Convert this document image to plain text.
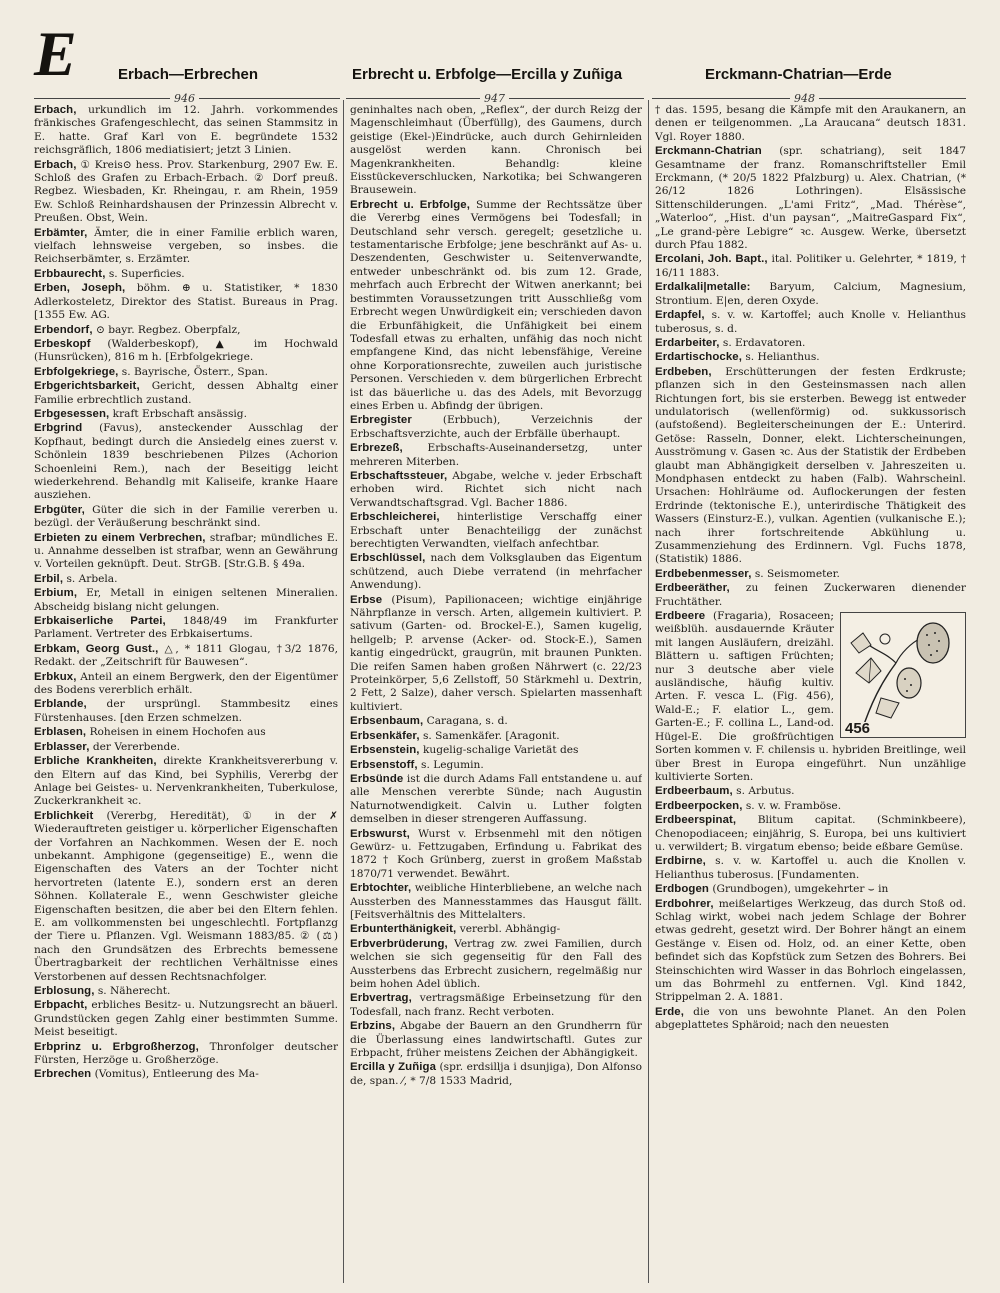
E	Erbach—Erbrechen	Erbrecht u. Erbfolge—Ercilla y Zuñiga	Erckmann-Chatrian—Erde
946	947	948

Erbach, urkundlich im 12. Jahrh. vorkommendes fränkisches Grafengeschlecht, das seinen Stammsitz in E. hatte. Graf Karl von E. begründete 1532 reichsgräflich, 1806 mediatisiert; jetzt 3 Linien.

Erbach, ① Kreis⊙ hess. Prov. Starkenburg, 2907 Ew. E. Schloß des Grafen zu Erbach-Erbach. ② Dorf preuß. Regbez. Wiesbaden, Kr. Rheingau, r. am Rhein, 1959 Ew. Schloß Reinhardshausen der Prinzessin Albrecht v. Preußen. Obst, Wein.

Erbämter, Ämter, die in einer Familie erblich waren, vielfach lehnsweise vergeben, so insbes. die Reichserbämter, s. Erzämter.

Erbbaurecht, s. Superficies.

Erben, Joseph, böhm. ⊕ u. Statistiker, * 1830 Adlerkosteletz, Direktor des Statist. Bureaus in Prag. [1355 Ew. AG.

Erbendorf, ⊙ bayr. Regbez. Oberpfalz,

Erbeskopf (Walderbeskopf), ▲ im Hochwald (Hunsrücken), 816 m h. [Erbfolgekriege.

Erbfolgekriege, s. Bayrische, Österr., Span.

Erbgerichtsbarkeit, Gericht, dessen Abhaltg einer Familie erbrechtlich zustand.

Erbgesessen, kraft Erbschaft ansässig.

Erbgrind (Favus), ansteckender Ausschlag der Kopfhaut, bedingt durch die Ansiedelg eines zuerst v. Schönlein 1839 beschriebenen Pilzes (Achorion Schoenleini Rem.), nach der Beseitigg leicht wiederkehrend. Behandlg mit Kaliseife, kranke Haare ausziehen.

Erbgüter, Güter die sich in der Familie vererben u. bezügl. der Veräußerung beschränkt sind.

Erbieten zu einem Verbrechen, strafbar; mündliches E. u. Annahme desselben ist strafbar, wenn an Gewährung v. Vorteilen geknüpft. Deut. StrGB. [Str.G.B. § 49a.

Erbil, s. Arbela.

Erbium, Er, Metall in einigen seltenen Mineralien. Abscheidg bislang nicht gelungen.

Erbkaiserliche Partei, 1848/49 im Frankfurter Parlament. Vertreter des Erbkaisertums.

Erbkam, Georg Gust., △, * 1811 Glogau, †3/2 1876, Redakt. der „Zeitschrift für Bauwesen“.

Erbkux, Anteil an einem Bergwerk, den der Eigentümer des Bodens vererblich erhält.

Erblande, der ursprüngl. Stammbesitz eines Fürstenhauses. [den Erzen schmelzen.

Erblasen, Roheisen in einem Hochofen aus

Erblasser, der Vererbende.

Erbliche Krankheiten, direkte Krankheitsvererbung v. den Eltern auf das Kind, bei Syphilis, Vererbg der Anlage bei Geistes- u. Nervenkrankheiten, Tuberkulose, Zuckerkrankheit ꝛc.

Erblichkeit (Vererbg, Heredität), ① in der ✗ Wiederauftreten geistiger u. körperlicher Eigenschaften der Vorfahren an Nachkommen. Wesen der E. noch unbekannt. Amphigone (gegenseitige) E., wenn die Eigenschaften des Vaters an der Tochter nicht hervortreten (latente E.), sondern erst an deren Söhnen. Kollaterale E., wenn Geschwister gleiche Eigenschaften besitzen, die aber bei den Eltern fehlen. E. am vollkommensten bei ungeschlechtl. Fortpflanzg der Tiere u. Pflanzen. Vgl. Weismann 1883/85. ② (⚖) nach den Grundsätzen des Erbrechts bemessene Übertragbarkeit der rechtlichen Verhältnisse eines Verstorbenen auf dessen Rechtsnachfolger.

Erblosung, s. Näherecht.

Erbpacht, erbliches Besitz- u. Nutzungsrecht an bäuerl. Grundstücken gegen Zahlg einer bestimmten Summe. Meist beseitigt.

Erbprinz u. Erbgroßherzog, Thronfolger deutscher Fürsten, Herzöge u. Großherzöge.

Erbrechen (Vomitus), Entleerung des Ma-

geninhaltes nach oben, „Reflex“, der durch Reizg der Magenschleimhaut (Überfüllg), des Gaumens, durch geistige (Ekel-)Eindrücke, auch durch Gehirnleiden ausgelöst werden kann. Chronisch bei Magenkrankheiten. Behandlg: kleine Eisstückeverschlucken, Narkotika; bei Schwangeren Brausewein.

Erbrecht u. Erbfolge, Summe der Rechtssätze über die Vererbg eines Vermögens bei Todesfall; in Deutschland sehr versch. geregelt; gesetzliche u. testamentarische Erbfolge; jene beschränkt auf As- u. Deszendenten, Geschwister u. Seitenverwandte, entweder unbeschränkt od. bis zum 12. Grade, mehrfach auch Erbrecht der Witwen anerkannt; bei bestimmten Voraussetzungen tritt Ausschließg vom Erbrecht wegen Unwürdigkeit ein; verschieden davon die Erbunfähigkeit, die Unfähigkeit bei einem Todesfall etwas zu erhalten, unfähig das noch nicht empfangene Kind, das nicht lebensfähige, Vereine ohne Korporationsrechte, zuweilen auch juristische Personen. Verschieden v. dem bürgerlichen Erbrecht ist das bäuerliche u. das des Adels, mit Bevorzugg eines Erben u. Abfindg der übrigen.

Erbregister	(Erbbuch), Verzeichnis der Erbschaftsverzichte, auch der Erbfälle überhaupt.

Erbrezeß, Erbschafts-Auseinandersetzg, unter mehreren Miterben.

Erbschaftssteuer, Abgabe, welche v. jeder Erbschaft erhoben wird. Richtet sich nicht nach Verwandtschaftsgrad. Vgl. Bacher 1886.

Erbschleicherei, hinterlistige Verschaffg einer Erbschaft unter Benachteiligg der zunächst berechtigten Verwandten, vielfach anfechtbar.

Erbschlüssel, nach dem Volksglauben das Eigentum schützend, auch Diebe verratend (in mehrfacher Anwendung).

Erbse (Pisum), Papilionaceen; wichtige einjährige Nährpflanze in versch. Arten, allgemein kultiviert. P. sativum (Garten- od. Brockel-E.), Samen kugelig, hellgelb; P. arvense (Acker- od. Stock-E.), Samen kantig eingedrückt, graugrün, mit braunen Punkten. Die reifen Samen haben großen Nährwert (c. 22/23 Proteinkörper, 5,6 Zellstoff, 50 Stärkmehl u. Dextrin, 2 Fett, 2 Salze), daher versch. Spielarten massenhaft kultiviert.

Erbsenbaum, Caragana, s. d.

Erbsenkäfer, s. Samenkäfer. [Aragonit.

Erbsenstein, kugelig-schalige Varietät des

Erbsenstoff, s. Legumin.

Erbsünde ist die durch Adams Fall entstandene u. auf alle Menschen vererbte Sünde; nach Augustin Naturnotwendigkeit. Calvin u. Luther folgten demselben in dieser strengeren Auffassung.

Erbswurst, Wurst v. Erbsenmehl mit den nötigen Gewürz- u. Fettzugaben, Erfindung u. Fabrikat des 1872 † Koch Grünberg, zuerst in großem Maßstab 1870/71 verwendet. Bewährt.

Erbtochter, weibliche Hinterbliebene, an welche nach Aussterben des Mannesstammes das Hausgut fällt. [Feitsverhältnis des Mittelalters.

Erbunterthänigkeit, vererbl. Abhängig-

Erbverbrüderung, Vertrag zw. zwei Familien, durch welchen sie sich gegenseitig für den Fall des Aussterbens das Erbrecht zusichern, regelmäßig nur beim hohen Adel üblich.

Erbvertrag, vertragsmäßige Erbeinsetzung für den Todesfall, nach franz. Recht verboten.

Erbzins, Abgabe der Bauern an den Grundherrn für die Überlassung eines landwirtschaftl. Gutes zur Erbpacht, früher meistens Zeichen der Abhängigkeit.

Ercilla y Zuñiga (spr. erdsillja i dsunjiga), Don Alfonso de, span. ⁄, * 7/8 1533 Madrid,

† das. 1595, besang die Kämpfe mit den Araukanern, an denen er teilgenommen. „La Araucana“ deutsch 1831. Vgl. Royer 1880.

Erckmann-Chatrian (spr. schatriang), seit 1847 Gesamtname der franz. Romanschriftsteller Emil Erckmann, (* 20/5 1822 Pfalzburg) u. Alex. Chatrian, (* 26/12 1826 Lothringen). Elsässische Sittenschilderungen. „L'ami Fritz“, „Mad. Thérèse“, „Waterloo“, „Hist. d'un paysan“, „MaitreGaspard Fix“, „Le grand-père Lebigre“ ꝛc. Ausgew. Werke, übersetzt durch Pfau 1882.

Ercolani, Joh. Bapt., ital. Politiker u. Gelehrter, * 1819, † 16/11 1883.

Erdalkali|metalle: Baryum, Calcium, Magnesium, Strontium. E|en, deren Oxyde.

Erdapfel, s. v. w. Kartoffel; auch Knolle v. Helianthus tuberosus, s. d.

Erdarbeiter, s. Erdavatoren.

Erdartischocke, s. Helianthus.

Erdbeben, Erschütterungen der festen Erdkruste; pflanzen sich in den Gesteinsmassen nach allen Richtungen fort, bis sie ersterben. Bewegg ist entweder undulatorisch (wellenförmig) od. sukkussorisch (aufstoßend). Begleiterscheinungen der E.: Unterird. Getöse: Rasseln, Donner, elekt. Lichterscheinungen, Ausströmung v. Gasen ꝛc. Aus der Statistik der Erdbeben glaubt man Abhängigkeit derselben v. Jahreszeiten u. Mondphasen entdeckt zu haben (Falb). Wahrscheinl. Ursachen: Hohlräume od. Auflockerungen der festen Erdrinde (tektonische E.), unterirdische Thätigkeit des Wassers (Einsturz-E.), vulkan. Agentien (vulkanische E.); nach ihrer fortschreitende Abkühlung u. Zusammenziehung des Erdinnern. Vgl. Fuchs 1878, (Statistik) 1886.

Erdbebenmesser, s. Seismometer.

Erdbeeräther, zu feinen Zuckerwaren dienender Fruchtäther.

456
Erdbeere (Fragaria), Rosaceen; weißblüh. ausdauernde Kräuter mit langen Ausläufern, dreizähl. Blättern u. saftigen Früchten; nur 3 deutsche aber viele ausländische, häufig kultiv. Arten. F. vesca L. (Fig. 456), Wald-E.; F. elatior L., gem. Garten-E.; F. collina L., Land-od. Hügel-E. Die großfrüchtigen Sorten kommen v. F. chilensis u. hybriden Breitlinge, weil über Brest in Europa eingeführt. Nun unzählige kultivierte Sorten.

Erdbeerbaum, s. Arbutus.

Erdbeerpocken, s. v. w. Framböse.

Erdbeerspinat, Blitum capitat. (Schminkbeere), Chenopodiaceen; einjährig, S. Europa, bei uns kultiviert u. verwildert; B. virgatum ebenso; beide eßbare Gemüse.

Erdbirne, s. v. w. Kartoffel u. auch die Knollen v. Helianthus tuberosus. [Fundamenten.

Erdbogen (Grundbogen), umgekehrter ⌣ in

Erdbohrer, meißelartiges Werkzeug, das durch Stoß od. Schlag wirkt, wobei nach jedem Schlage der Bohrer etwas gedreht, gesetzt wird. Der Bohrer hängt an einem Gestänge v. Eisen od. Holz, od. an einer Kette, oben befindet sich das Kopfstück zum Setzen des Bohrers. Bei Steinschichten wird Wasser in das Bohrloch eingelassen, um das Bohrmehl zu entfernen. Vgl. Kind 1842, Strippelman 2. A. 1881.

Erde, die von uns bewohnte Planet. An den Polen abgeplattetes Sphäroid; nach den neuesten
